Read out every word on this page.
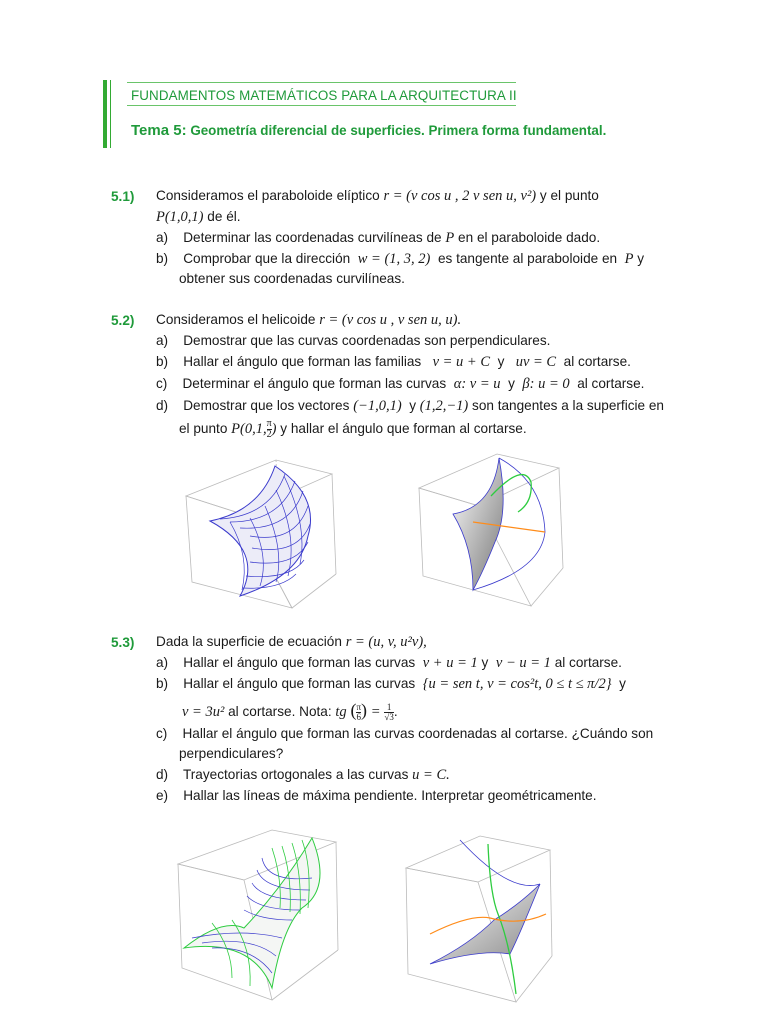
FUNDAMENTOS MATEMÁTICOS PARA LA ARQUITECTURA II
Tema 5: Geometría diferencial de superficies. Primera forma fundamental.
5.1) Consideramos el paraboloide elíptico r = (v cos u , 2 v sen u, v²) y el punto
P(1,0,1) de él.
a) Determinar las coordenadas curvilíneas de P en el paraboloide dado.
b) Comprobar que la dirección w = (1, 3, 2) es tangente al paraboloide en P y
obtener sus coordenadas curvilíneas.
5.2) Consideramos el helicoide r = (v cos u , v sen u, u).
a) Demostrar que las curvas coordenadas son perpendiculares.
b) Hallar el ángulo que forman las familias v = u + C y uv = C al cortarse.
c) Determinar el ángulo que forman las curvas α: v = u y β: u = 0 al cortarse.
d) Demostrar que los vectores (−1,0,1) y (1,2,−1) son tangentes a la superficie en
el punto P(0,1, $\frac{\pi}{2}$ ) y hallar el ángulo que forman al cortarse.
5.3) Dada la superficie de ecuación r = (u, v, u²v),
a) Hallar el ángulo que forman las curvas v + u = 1 y v − u = 1 al cortarse.
b) Hallar el ángulo que forman las curvas {u = sen t, v = cos²t, 0 ≤ t ≤ π/2} y
v = 3u² al cortarse. Nota: tg ( $\frac{\pi}{6}$ ) = $\frac{1}{√3}$ .
c) Hallar el ángulo que forman las curvas coordenadas al cortarse. ¿Cuándo son
perpendiculares?
d) Trayectorias ortogonales a las curvas u = C.
e) Hallar las líneas de máxima pendiente. Interpretar geométricamente.
